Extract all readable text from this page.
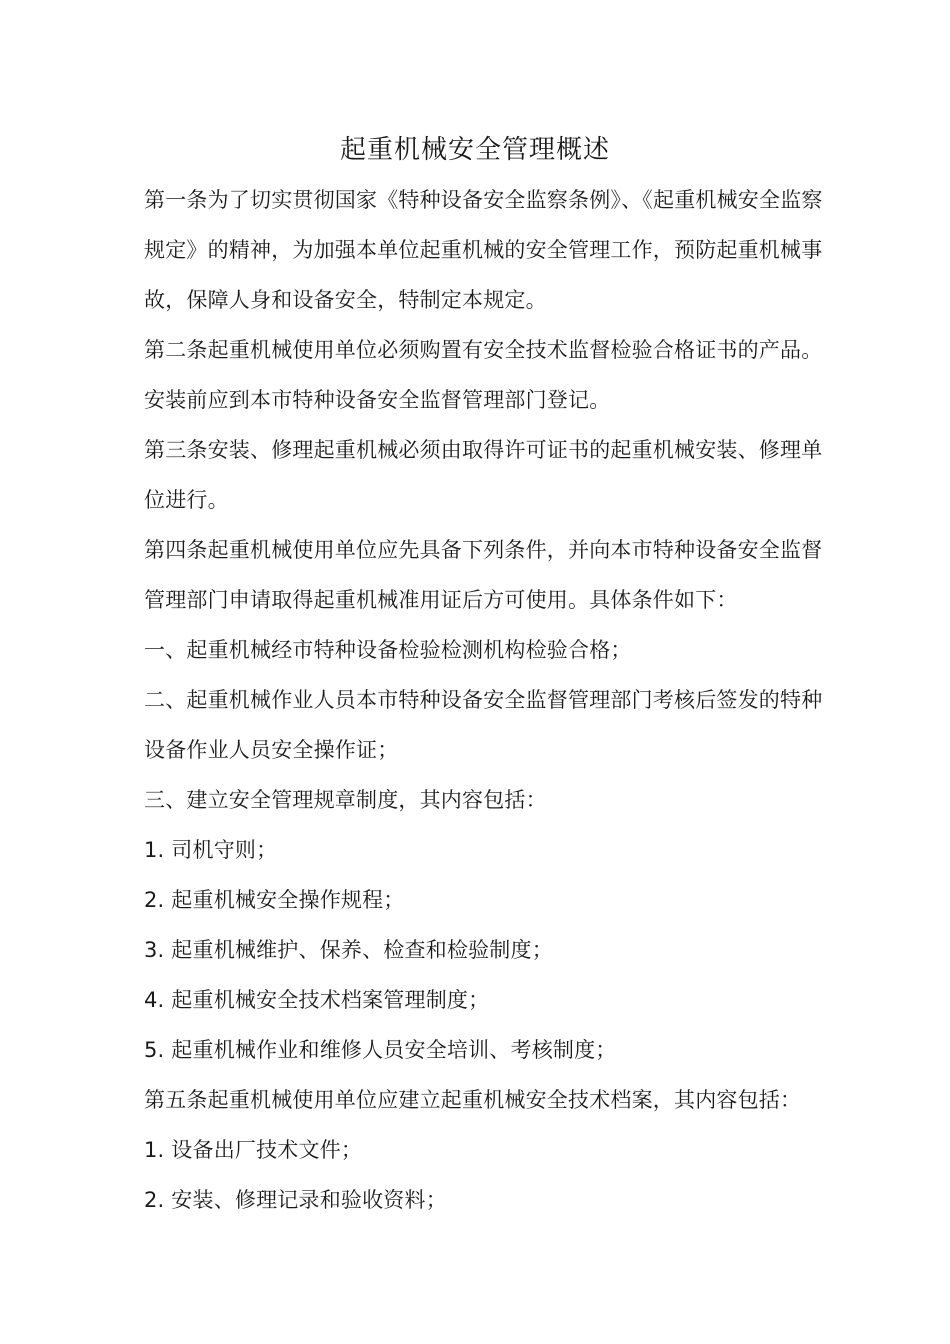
起重机械安全管理概述

第一条为了切实贯彻国家《特种设备安全监察条例》、《起重机械安全监察规定》的精神，为加强本单位起重机械的安全管理工作，预防起重机械事故，保障人身和设备安全，特制定本规定。

第二条起重机械使用单位必须购置有安全技术监督检验合格证书的产品。安装前应到本市特种设备安全监督管理部门登记。

第三条安装、修理起重机械必须由取得许可证书的起重机械安装、修理单位进行。

第四条起重机械使用单位应先具备下列条件，并向本市特种设备安全监督管理部门申请取得起重机械准用证后方可使用。具体条件如下：

一、起重机械经市特种设备检验检测机构检验合格；

二、起重机械作业人员本市特种设备安全监督管理部门考核后签发的特种设备作业人员安全操作证；

三、建立安全管理规章制度，其内容包括：

1. 司机守则；

2. 起重机械安全操作规程；

3. 起重机械维护、保养、检查和检验制度；

4. 起重机械安全技术档案管理制度；

5. 起重机械作业和维修人员安全培训、考核制度；

第五条起重机械使用单位应建立起重机械安全技术档案，其内容包括：

1. 设备出厂技术文件；

2. 安装、修理记录和验收资料；
